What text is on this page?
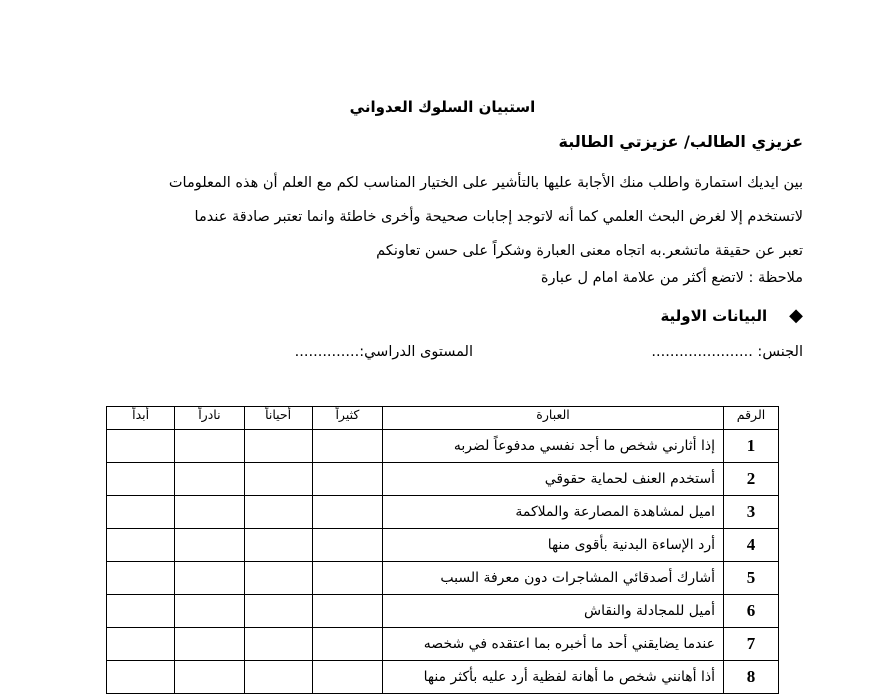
استبيان السلوك العدواني
عزيزي الطالب/ عزيزتي الطالبة
بين ايديك استمارة واطلب منك الأجابة عليها بالتأشير على الختيار المناسب لكم مع العلم أن هذه المعلومات
لاتستخدم إلا لغرض البحث العلمي كما أنه لاتوجد إجابات صحيحة وأخرى خاطئة وانما تعتبر صادقة عندما
تعبر عن حقيقة ماتشعر.به اتجاه معنى العبارة وشكراً على حسن تعاونكم
ملاحظة : لاتضع أكثر من علامة امام ل عبارة
◆
البيانات الاولية
الجنس: ......................
المستوى الدراسي:..............
الرقم	العبارة	كثيراً	أحياناً	نادراً	أبداً
1	إذا أثارني شخص ما أجد نفسي مدفوعاً لضربه				
2	أستخدم العنف لحماية حقوقي				
3	اميل لمشاهدة المصارعة والملاكمة				
4	أرد الإساءة البدنية بأقوى منها				
5	أشارك أصدقائي المشاجرات دون معرفة السبب				
6	أميل للمجادلة والنقاش				
7	عندما يضايقني أحد ما أخبره بما اعتقده في شخصه				
8	أذا أهانني شخص ما أهانة لفظية أرد عليه بأكثر منها				
